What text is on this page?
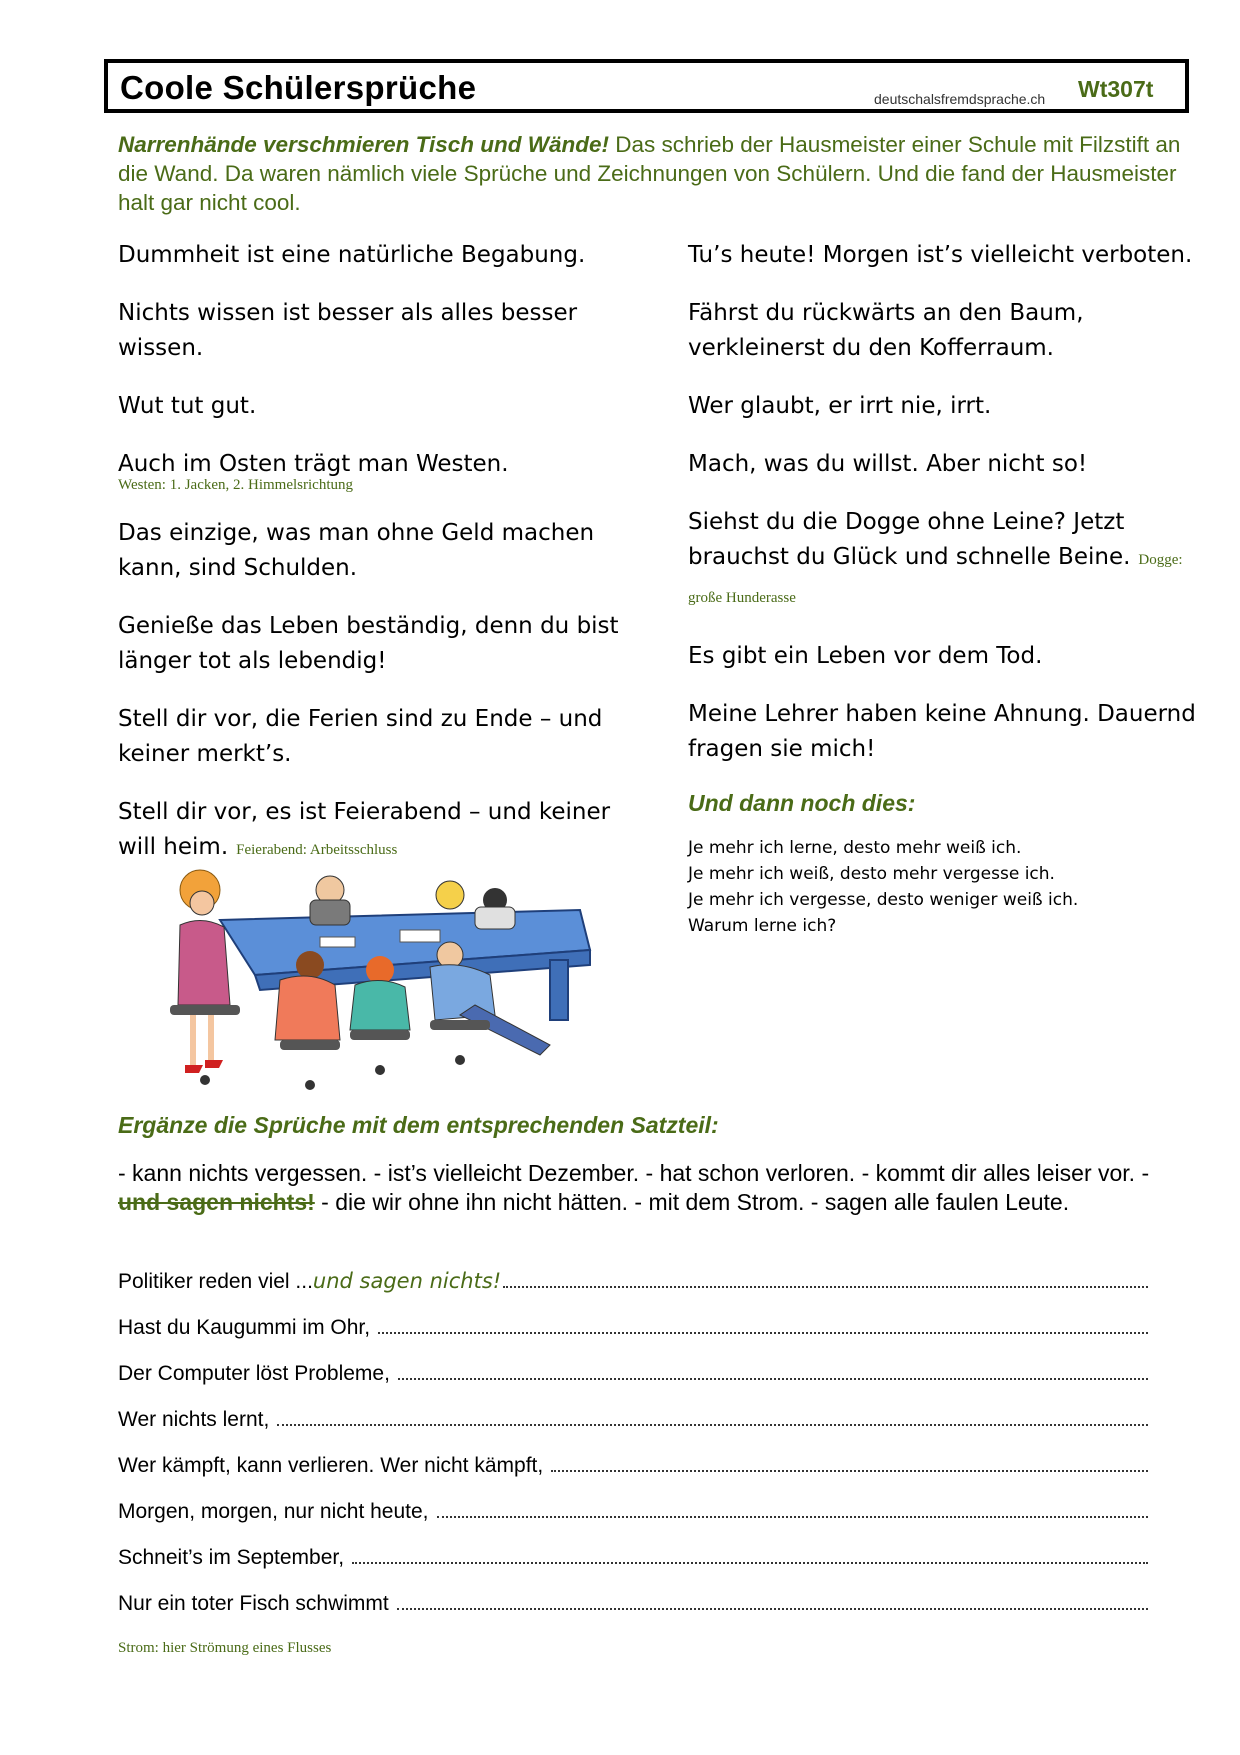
Coole Schülersprüche	deutschalsfremdsprache.ch Wt307t
Narrenhände verschmieren Tisch und Wände! Das schrieb der Hausmeister einer Schule mit Filzstift an die Wand. Da waren nämlich viele Sprüche und Zeichnungen von Schülern. Und die fand der Hausmeister halt gar nicht cool.

Dummheit ist eine natürliche Begabung.

Nichts wissen ist besser als alles besser wissen.

Wut tut gut.

Auch im Osten trägt man Westen.
Westen: 1. Jacken, 2. Himmelsrichtung

Das einzige, was man ohne Geld machen kann, sind Schulden.

Genieße das Leben beständig, denn du bist länger tot als lebendig!

Stell dir vor, die Ferien sind zu Ende – und keiner merkt’s.

Stell dir vor, es ist Feierabend – und keiner will heim. Feierabend: Arbeitsschluss

Tu’s heute! Morgen ist’s vielleicht verboten.

Fährst du rückwärts an den Baum, verkleinerst du den Kofferraum.

Wer glaubt, er irrt nie, irrt.

Mach, was du willst. Aber nicht so!

Siehst du die Dogge ohne Leine? Jetzt brauchst du Glück und schnelle Beine. Dogge: große Hunderasse

Es gibt ein Leben vor dem Tod.

Meine Lehrer haben keine Ahnung. Dauernd fragen sie mich!

Und dann noch dies:
Je mehr ich lerne, desto mehr weiß ich.
Je mehr ich weiß, desto mehr vergesse ich.
Je mehr ich vergesse, desto weniger weiß ich.
Warum lerne ich?
Ergänze die Sprüche mit dem entsprechenden Satzteil:
- kann nichts vergessen. - ist’s vielleicht Dezember. - hat schon verloren. - kommt dir alles leiser vor. - und sagen nichts! - die wir ohne ihn nicht hätten. - mit dem Strom. - sagen alle faulen Leute.
Politiker reden viel ... und sagen nichts!
Hast du Kaugummi im Ohr,
Der Computer löst Probleme,
Wer nichts lernt,
Wer kämpft, kann verlieren. Wer nicht kämpft,
Morgen, morgen, nur nicht heute,
Schneit’s im September,
Nur ein toter Fisch schwimmt
Strom: hier Strömung eines Flusses
